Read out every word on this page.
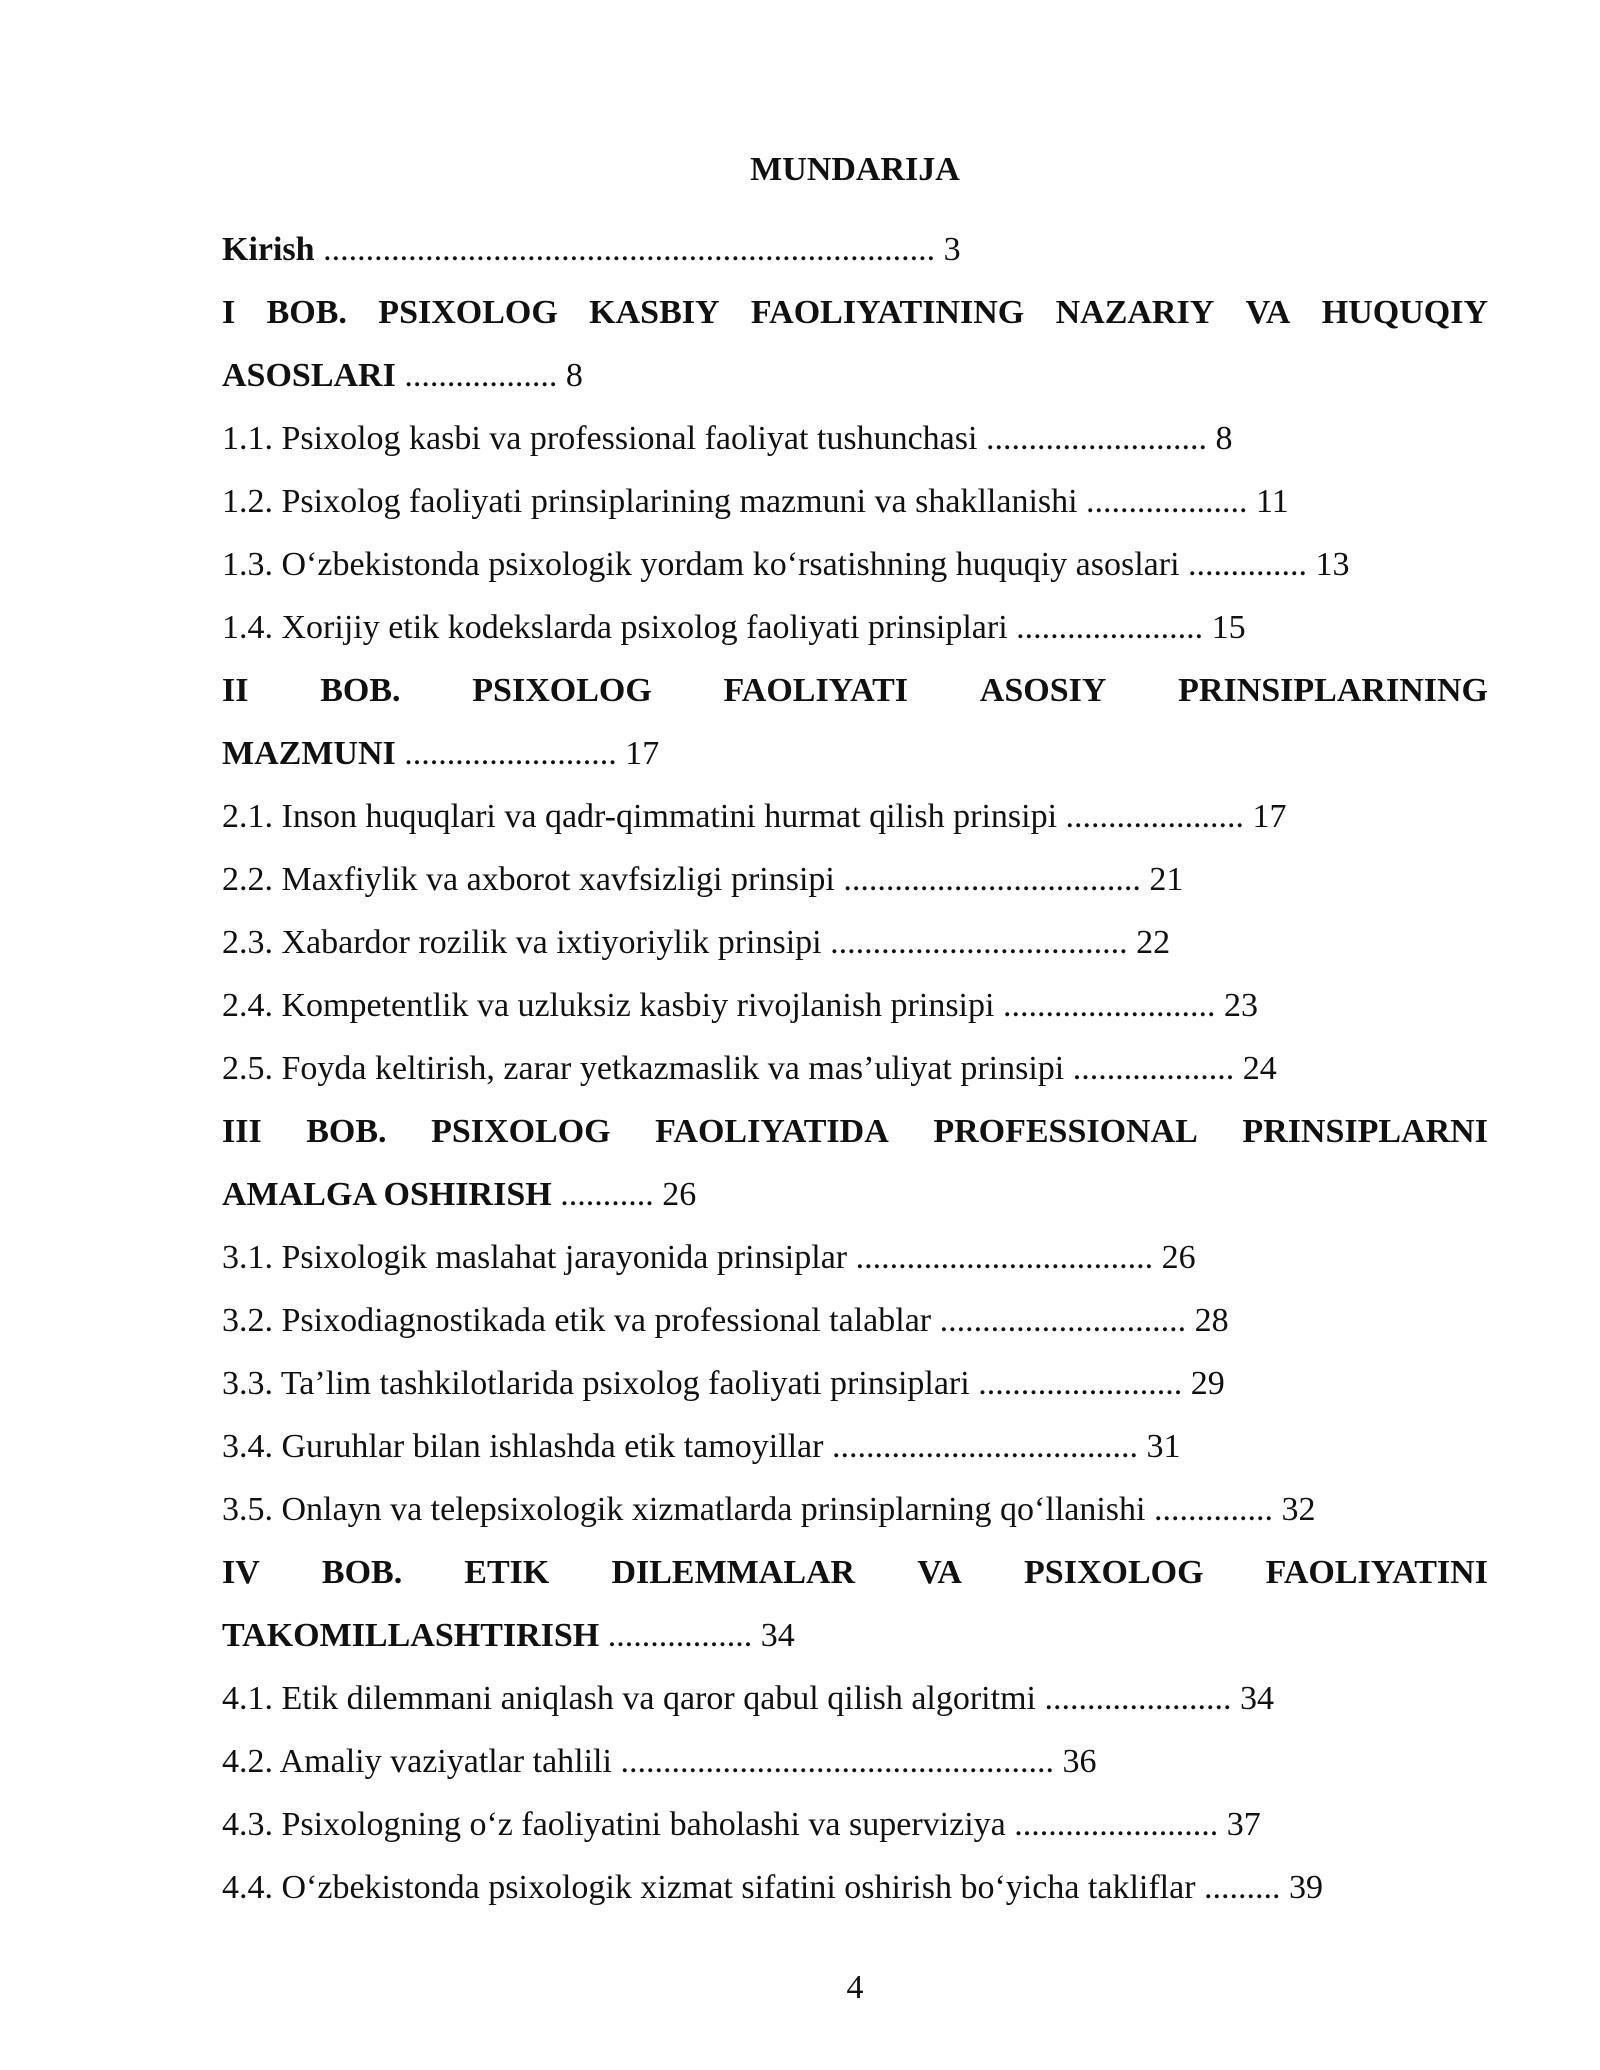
MUNDARIJA
Kirish ........................................................................ 3
I BOB. PSIXOLOG KASBIY FAOLIYATINING NAZARIY VA HUQUQIY
ASOSLARI .................. 8
1.1. Psixolog kasbi va professional faoliyat tushunchasi .......................... 8
1.2. Psixolog faoliyati prinsiplarining mazmuni va shakllanishi ................... 11
1.3. O‘zbekistonda psixologik yordam ko‘rsatishning huquqiy asoslari .............. 13
1.4. Xorijiy etik kodekslarda psixolog faoliyati prinsiplari ...................... 15
II BOB. PSIXOLOG FAOLIYATI ASOSIY PRINSIPLARINING
MAZMUNI ......................... 17
2.1. Inson huquqlari va qadr-qimmatini hurmat qilish prinsipi ..................... 17
2.2. Maxfiylik va axborot xavfsizligi prinsipi ................................... 21
2.3. Xabardor rozilik va ixtiyoriylik prinsipi ................................... 22
2.4. Kompetentlik va uzluksiz kasbiy rivojlanish prinsipi ......................... 23
2.5. Foyda keltirish, zarar yetkazmaslik va mas’uliyat prinsipi ................... 24
III BOB. PSIXOLOG FAOLIYATIDA PROFESSIONAL PRINSIPLARNI
AMALGA OSHIRISH ........... 26
3.1. Psixologik maslahat jarayonida prinsiplar ................................... 26
3.2. Psixodiagnostikada etik va professional talablar ............................. 28
3.3. Ta’lim tashkilotlarida psixolog faoliyati prinsiplari ........................ 29
3.4. Guruhlar bilan ishlashda etik tamoyillar .................................... 31
3.5. Onlayn va telepsixologik xizmatlarda prinsiplarning qo‘llanishi .............. 32
IV BOB. ETIK DILEMMALAR VA PSIXOLOG FAOLIYATINI
TAKOMILLASHTIRISH ................. 34
4.1. Etik dilemmani aniqlash va qaror qabul qilish algoritmi ...................... 34
4.2. Amaliy vaziyatlar tahlili ................................................... 36
4.3. Psixologning o‘z faoliyatini baholashi va superviziya ........................ 37
4.4. O‘zbekistonda psixologik xizmat sifatini oshirish bo‘yicha takliflar ......... 39
4
